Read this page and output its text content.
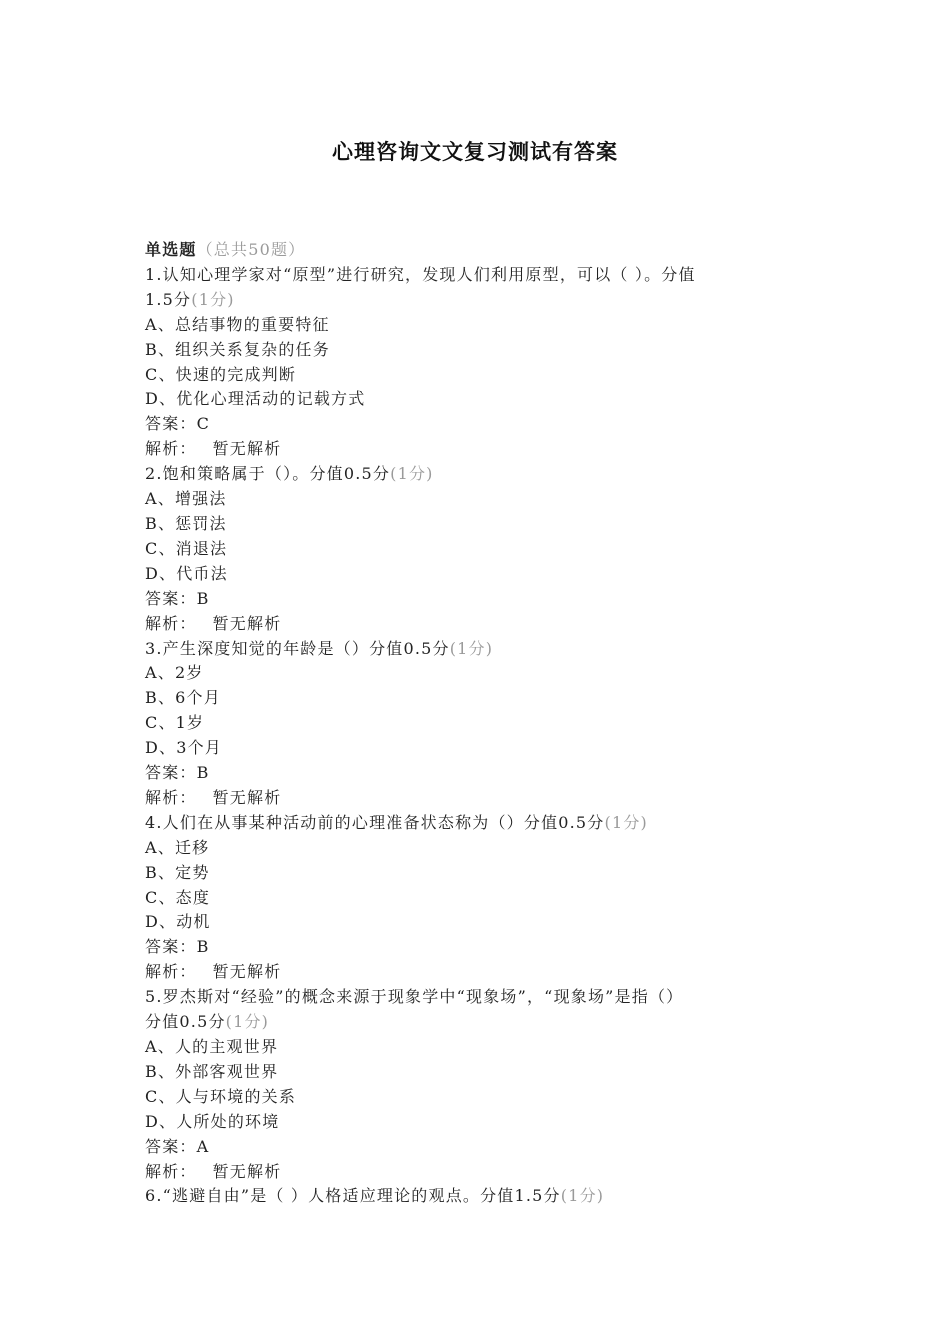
心理咨询文文复习测试有答案
单选题（总共50题）
1.认知心理学家对“原型”进行研究，发现人们利用原型，可以（ ）。分值
1.5分(1分)
A、总结事物的重要特征
B、组织关系复杂的任务
C、快速的完成判断
D、优化心理活动的记载方式
答案：C
解析： 暂无解析
2.饱和策略属于（）。分值0.5分(1分)
A、增强法
B、惩罚法
C、消退法
D、代币法
答案：B
解析： 暂无解析
3.产生深度知觉的年龄是（）分值0.5分(1分)
A、2岁
B、6个月
C、1岁
D、3个月
答案：B
解析： 暂无解析
4.人们在从事某种活动前的心理准备状态称为（）分值0.5分(1分)
A、迁移
B、定势
C、态度
D、动机
答案：B
解析： 暂无解析
5.罗杰斯对“经验”的概念来源于现象学中“现象场”，“现象场”是指（）
分值0.5分(1分)
A、人的主观世界
B、外部客观世界
C、人与环境的关系
D、人所处的环境
答案：A
解析： 暂无解析
6.“逃避自由”是（ ）人格适应理论的观点。分值1.5分(1分)
